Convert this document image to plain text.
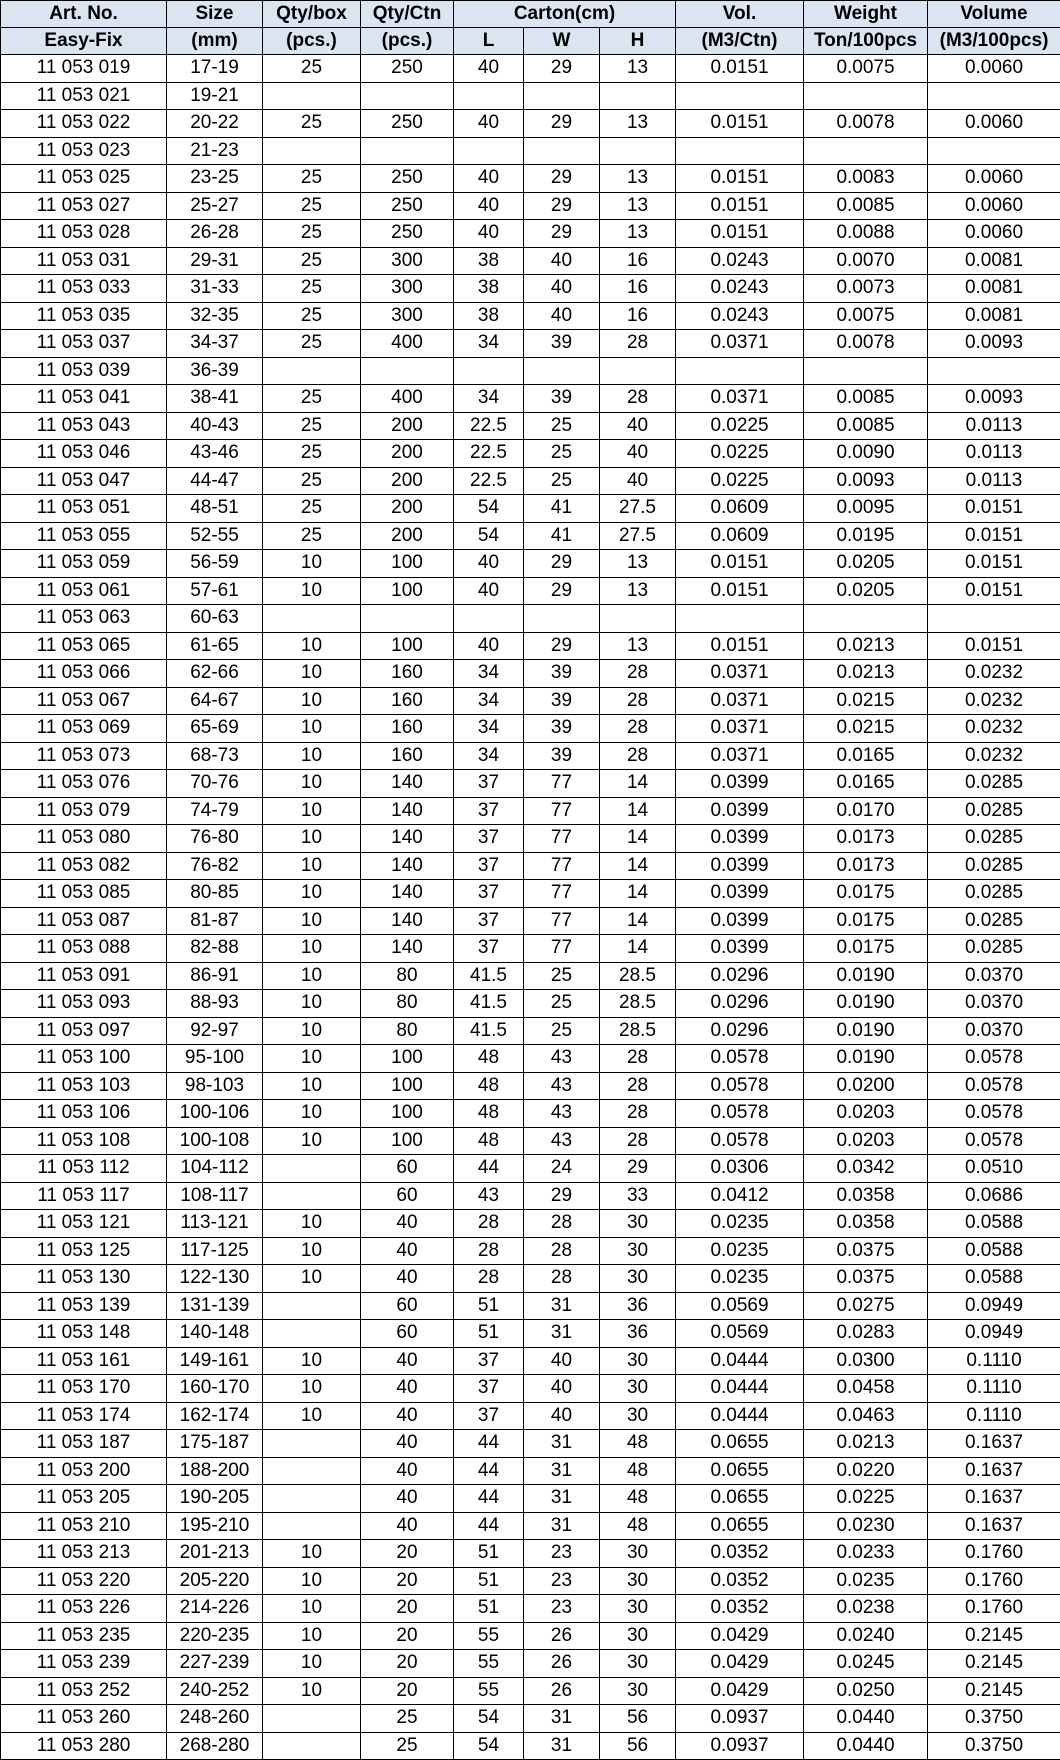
Art. No.	Size	Qty/box	Qty/Ctn	Carton(cm)			Vol.	Weight	Volume
Easy-Fix	(mm)	(pcs.)	(pcs.)	L	W	H	(M3/Ctn)	Ton/100pcs	(M3/100pcs)
11 053 019	17-19	25	250	40	29	13	0.0151	0.0075	0.0060
11 053 021	19-21								
11 053 022	20-22	25	250	40	29	13	0.0151	0.0078	0.0060
11 053 023	21-23								
11 053 025	23-25	25	250	40	29	13	0.0151	0.0083	0.0060
11 053 027	25-27	25	250	40	29	13	0.0151	0.0085	0.0060
11 053 028	26-28	25	250	40	29	13	0.0151	0.0088	0.0060
11 053 031	29-31	25	300	38	40	16	0.0243	0.0070	0.0081
11 053 033	31-33	25	300	38	40	16	0.0243	0.0073	0.0081
11 053 035	32-35	25	300	38	40	16	0.0243	0.0075	0.0081
11 053 037	34-37	25	400	34	39	28	0.0371	0.0078	0.0093
11 053 039	36-39								
11 053 041	38-41	25	400	34	39	28	0.0371	0.0085	0.0093
11 053 043	40-43	25	200	22.5	25	40	0.0225	0.0085	0.0113
11 053 046	43-46	25	200	22.5	25	40	0.0225	0.0090	0.0113
11 053 047	44-47	25	200	22.5	25	40	0.0225	0.0093	0.0113
11 053 051	48-51	25	200	54	41	27.5	0.0609	0.0095	0.0151
11 053 055	52-55	25	200	54	41	27.5	0.0609	0.0195	0.0151
11 053 059	56-59	10	100	40	29	13	0.0151	0.0205	0.0151
11 053 061	57-61	10	100	40	29	13	0.0151	0.0205	0.0151
11 053 063	60-63								
11 053 065	61-65	10	100	40	29	13	0.0151	0.0213	0.0151
11 053 066	62-66	10	160	34	39	28	0.0371	0.0213	0.0232
11 053 067	64-67	10	160	34	39	28	0.0371	0.0215	0.0232
11 053 069	65-69	10	160	34	39	28	0.0371	0.0215	0.0232
11 053 073	68-73	10	160	34	39	28	0.0371	0.0165	0.0232
11 053 076	70-76	10	140	37	77	14	0.0399	0.0165	0.0285
11 053 079	74-79	10	140	37	77	14	0.0399	0.0170	0.0285
11 053 080	76-80	10	140	37	77	14	0.0399	0.0173	0.0285
11 053 082	76-82	10	140	37	77	14	0.0399	0.0173	0.0285
11 053 085	80-85	10	140	37	77	14	0.0399	0.0175	0.0285
11 053 087	81-87	10	140	37	77	14	0.0399	0.0175	0.0285
11 053 088	82-88	10	140	37	77	14	0.0399	0.0175	0.0285
11 053 091	86-91	10	80	41.5	25	28.5	0.0296	0.0190	0.0370
11 053 093	88-93	10	80	41.5	25	28.5	0.0296	0.0190	0.0370
11 053 097	92-97	10	80	41.5	25	28.5	0.0296	0.0190	0.0370
11 053 100	95-100	10	100	48	43	28	0.0578	0.0190	0.0578
11 053 103	98-103	10	100	48	43	28	0.0578	0.0200	0.0578
11 053 106	100-106	10	100	48	43	28	0.0578	0.0203	0.0578
11 053 108	100-108	10	100	48	43	28	0.0578	0.0203	0.0578
11 053 112	104-112		60	44	24	29	0.0306	0.0342	0.0510
11 053 117	108-117		60	43	29	33	0.0412	0.0358	0.0686
11 053 121	113-121	10	40	28	28	30	0.0235	0.0358	0.0588
11 053 125	117-125	10	40	28	28	30	0.0235	0.0375	0.0588
11 053 130	122-130	10	40	28	28	30	0.0235	0.0375	0.0588
11 053 139	131-139		60	51	31	36	0.0569	0.0275	0.0949
11 053 148	140-148		60	51	31	36	0.0569	0.0283	0.0949
11 053 161	149-161	10	40	37	40	30	0.0444	0.0300	0.1110
11 053 170	160-170	10	40	37	40	30	0.0444	0.0458	0.1110
11 053 174	162-174	10	40	37	40	30	0.0444	0.0463	0.1110
11 053 187	175-187		40	44	31	48	0.0655	0.0213	0.1637
11 053 200	188-200		40	44	31	48	0.0655	0.0220	0.1637
11 053 205	190-205		40	44	31	48	0.0655	0.0225	0.1637
11 053 210	195-210		40	44	31	48	0.0655	0.0230	0.1637
11 053 213	201-213	10	20	51	23	30	0.0352	0.0233	0.1760
11 053 220	205-220	10	20	51	23	30	0.0352	0.0235	0.1760
11 053 226	214-226	10	20	51	23	30	0.0352	0.0238	0.1760
11 053 235	220-235	10	20	55	26	30	0.0429	0.0240	0.2145
11 053 239	227-239	10	20	55	26	30	0.0429	0.0245	0.2145
11 053 252	240-252	10	20	55	26	30	0.0429	0.0250	0.2145
11 053 260	248-260		25	54	31	56	0.0937	0.0440	0.3750
11 053 280	268-280		25	54	31	56	0.0937	0.0440	0.3750
